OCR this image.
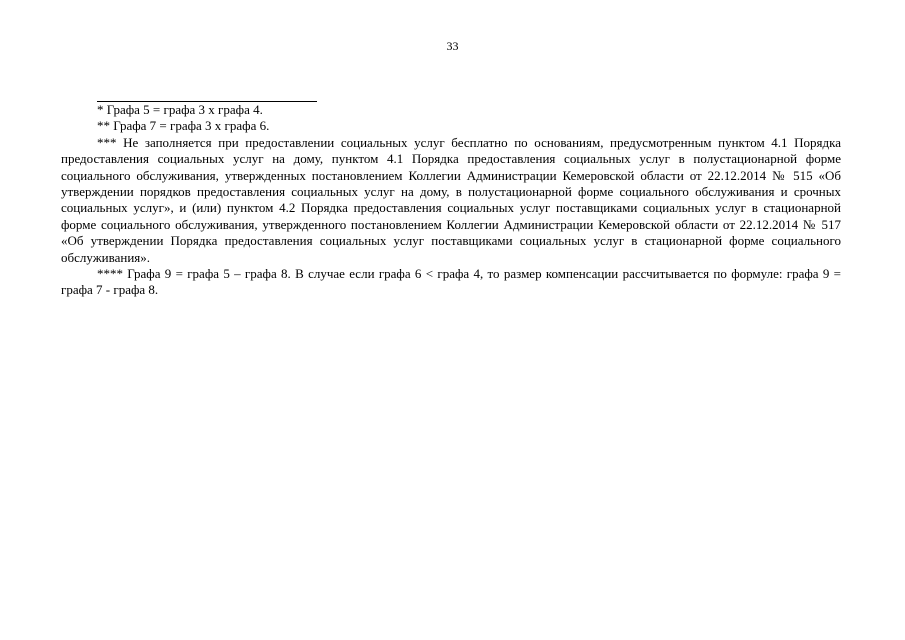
33

* Графа 5 = графа 3 х графа 4.

** Графа 7 = графа 3 х графа 6.

*** Не заполняется при предоставлении социальных услуг бесплатно по основаниям, предусмотренным пунктом 4.1 Порядка предоставления социальных услуг на дому, пунктом 4.1 Порядка предоставления социальных услуг в полустационарной форме социального обслуживания, утвержденных постановлением Коллегии Администрации Кемеровской области от 22.12.2014 № 515 «Об утверждении порядков предоставления социальных услуг на дому, в полустационарной форме социального обслуживания и срочных социальных услуг», и (или) пунктом 4.2 Порядка предоставления социальных услуг поставщиками социальных услуг в стационарной форме социального обслуживания, утвержденного постановлением Коллегии Администрации Кемеровской области от 22.12.2014 № 517 «Об утверждении Порядка предоставления социальных услуг поставщиками социальных услуг в стационарной форме социального обслуживания».

**** Графа 9 = графа 5 – графа 8. В случае если графа 6 < графа 4, то размер компенсации рассчитывается по формуле: графа 9 = графа 7 - графа 8.
